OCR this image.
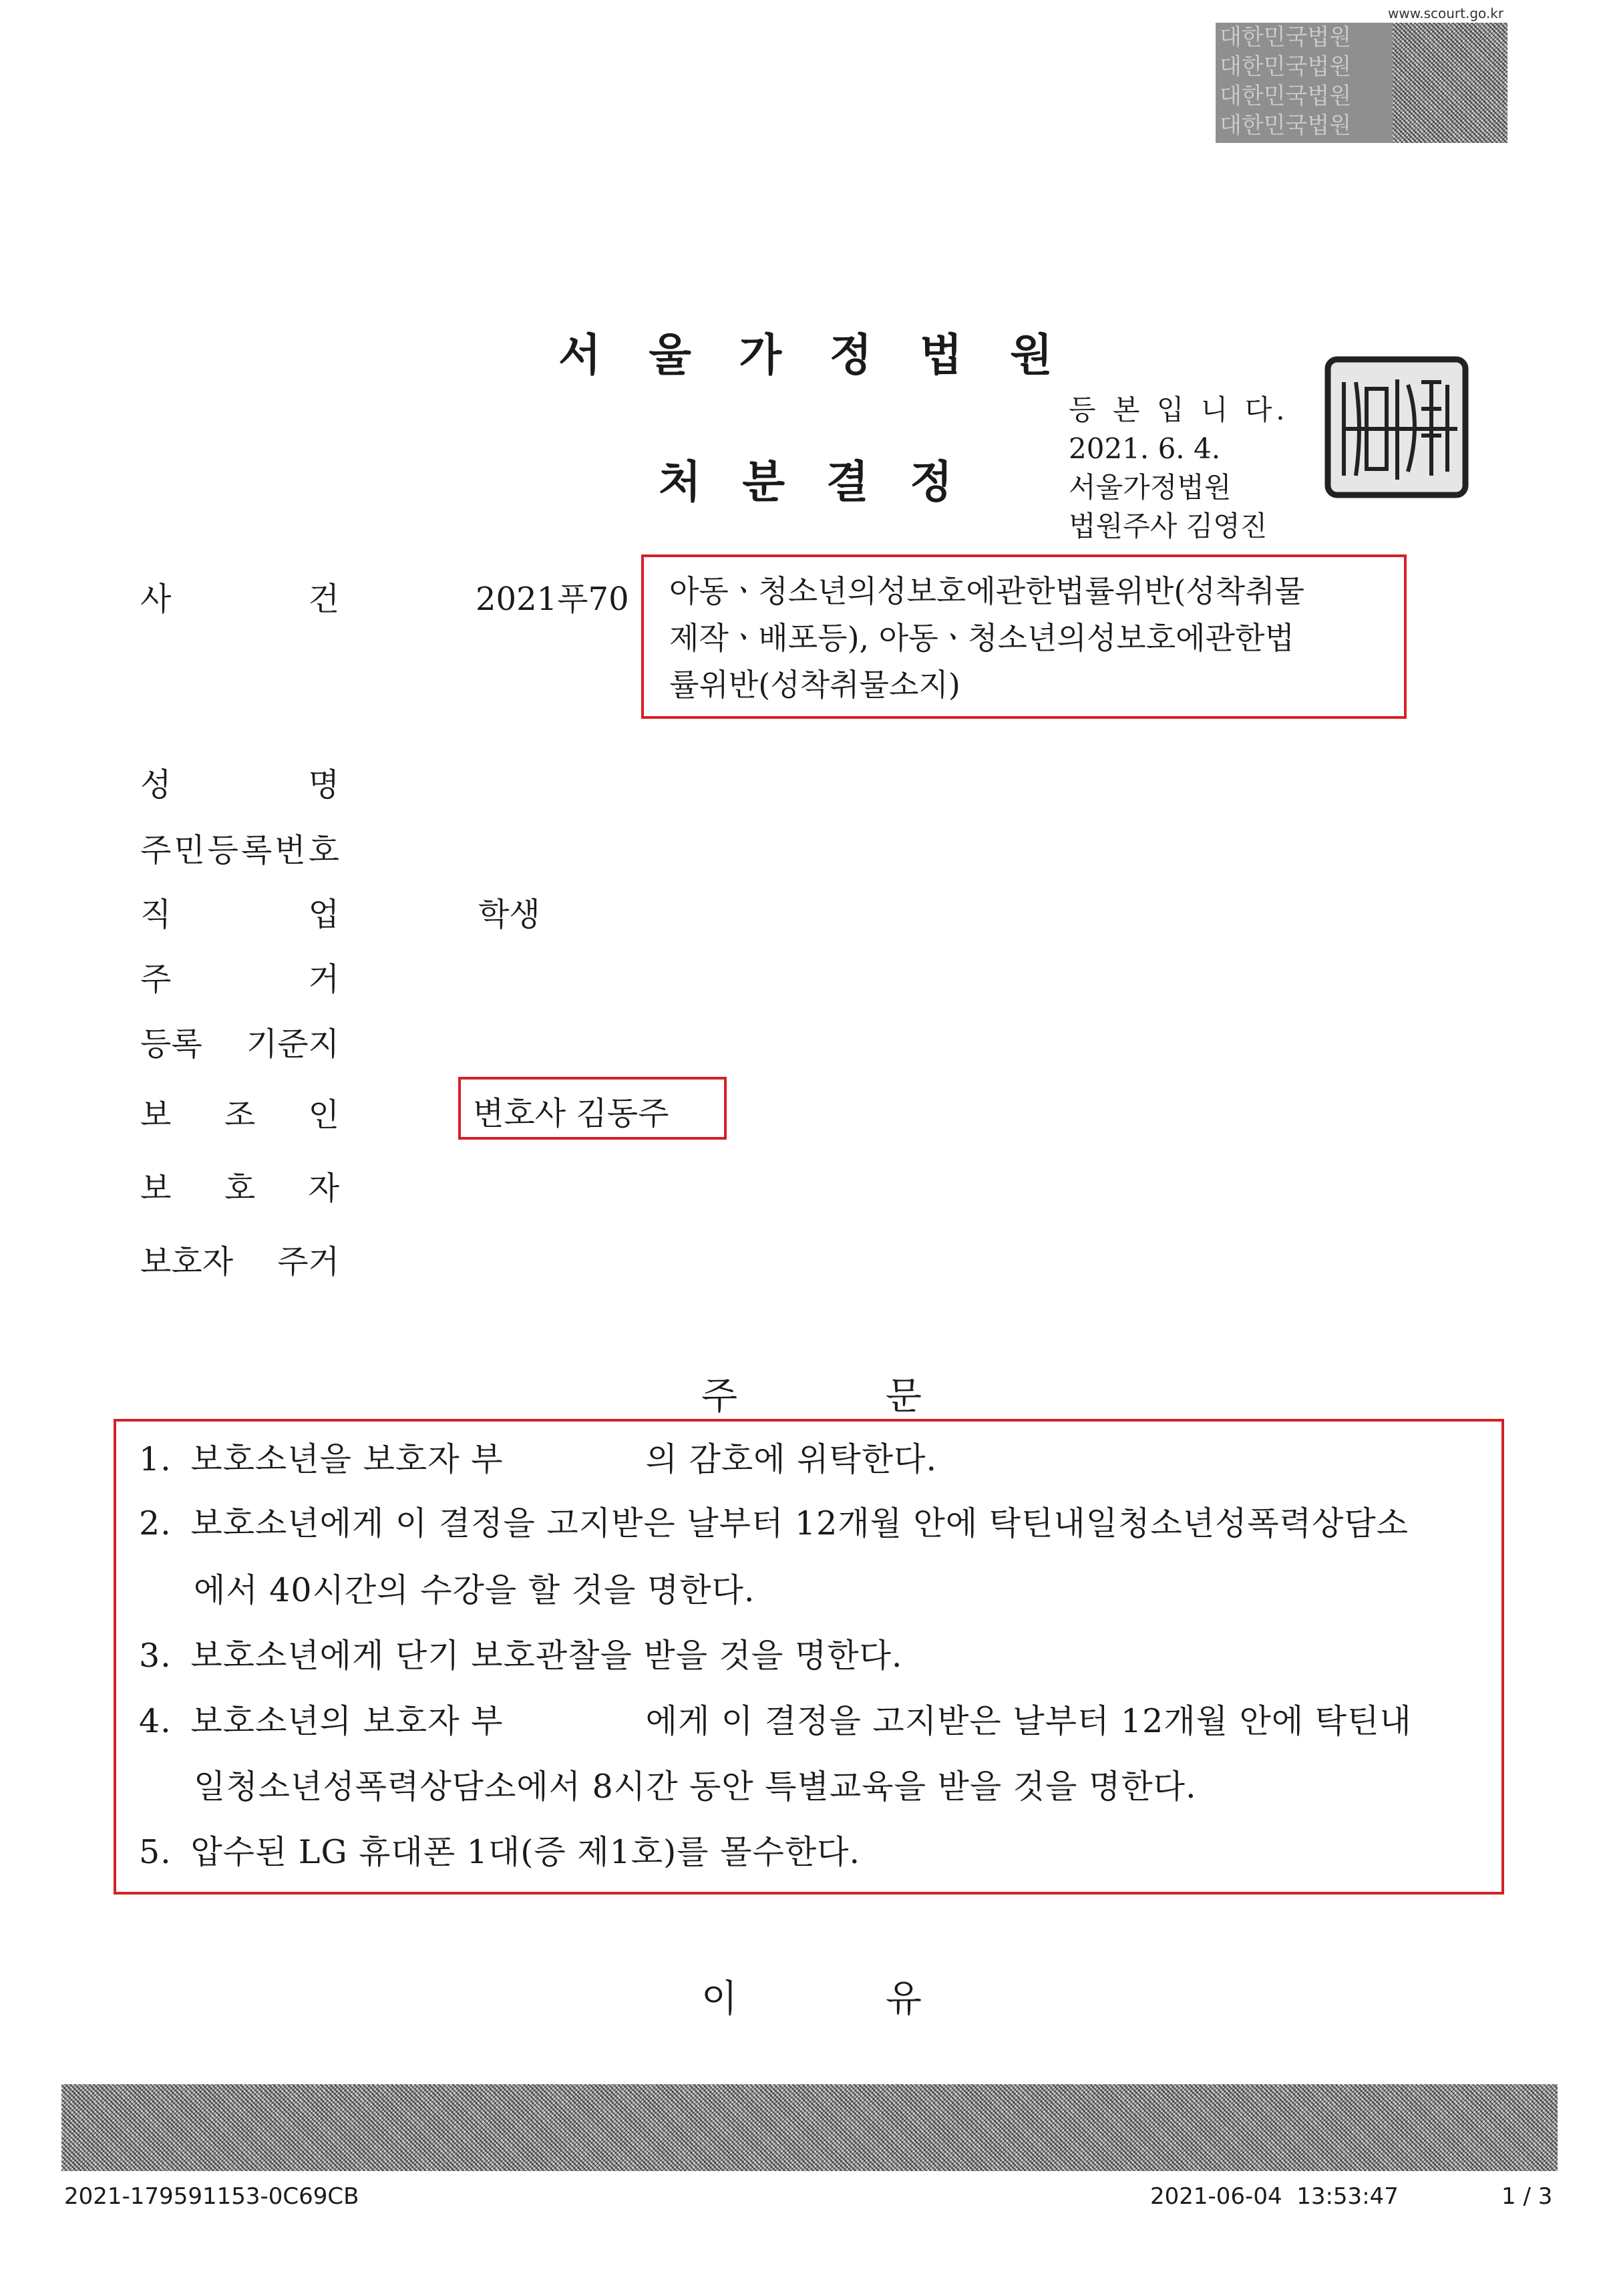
www.scourt.go.kr
대한민국법원
대한민국법원
대한민국법원
대한민국법원
서 울 가 정 법 원
처 분 결 정
등 본 입 니 다.
2021. 6. 4.
서울가정법원
법원주사 김영진
사	건	2021푸70 아동ㆍ청소년의성보호에관한법률위반(성착취물
제작ㆍ배포등), 아동ㆍ청소년의성보호에관한법
률위반(성착취물소지)
성	명
주 민 등 록 번 호
직	업	학생
주	거
등록 기준지
보 조 인	변호사 김동주
보 호 자
보호자 주거
주	문
1. 보호소년을 보호자 부	의 감호에 위탁한다.
2. 보호소년에게 이 결정을 고지받은 날부터 12개월 안에 탁틴내일청소년성폭력상담소
에서 40시간의 수강을 할 것을 명한다.
3. 보호소년에게 단기 보호관찰을 받을 것을 명한다.
4. 보호소년의 보호자 부	에게 이 결정을 고지받은 날부터 12개월 안에 탁틴내
일청소년성폭력상담소에서 8시간 동안 특별교육을 받을 것을 명한다.
5. 압수된 LG 휴대폰 1대(증 제1호)를 몰수한다.
이	유
2021-179591153-0C69CB	2021-06-04  13:53:47	1 / 3
